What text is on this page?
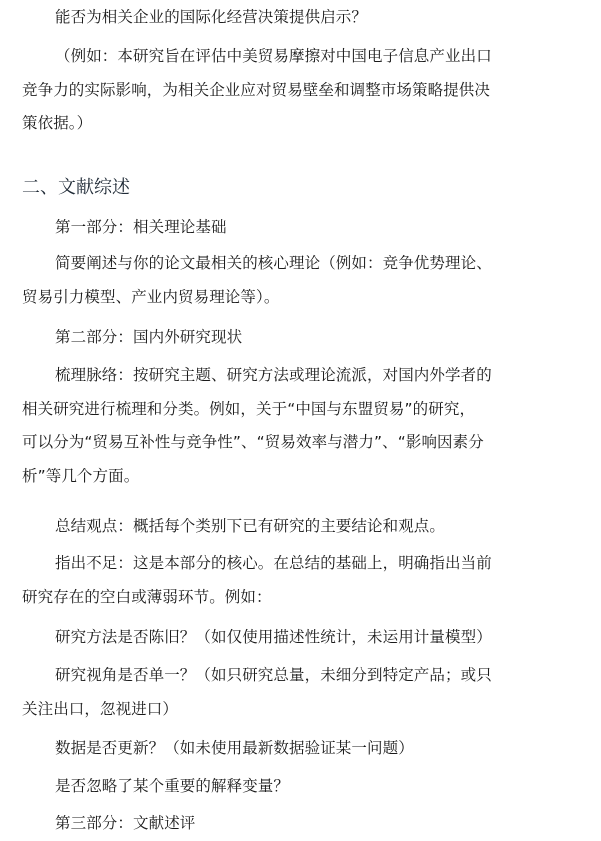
能否为相关企业的国际化经营决策提供启示？
（例如：本研究旨在评估中美贸易摩擦对中国电子信息产业出口
竞争力的实际影响，为相关企业应对贸易壁垒和调整市场策略提供决
策依据。）
二、文献综述
第一部分：相关理论基础
简要阐述与你的论文最相关的核心理论（例如：竞争优势理论、
贸易引力模型、产业内贸易理论等）。
第二部分：国内外研究现状
梳理脉络：按研究主题、研究方法或理论流派，对国内外学者的
相关研究进行梳理和分类。例如，关于“中国与东盟贸易”的研究，
可以分为“贸易互补性与竞争性”、“贸易效率与潜力”、“影响因素分
析”等几个方面。
总结观点：概括每个类别下已有研究的主要结论和观点。
指出不足：这是本部分的核心。在总结的基础上，明确指出当前
研究存在的空白或薄弱环节。例如：
研究方法是否陈旧？（如仅使用描述性统计，未运用计量模型）
研究视角是否单一？（如只研究总量，未细分到特定产品；或只
关注出口，忽视进口）
数据是否更新？（如未使用最新数据验证某一问题）
是否忽略了某个重要的解释变量？
第三部分：文献述评
